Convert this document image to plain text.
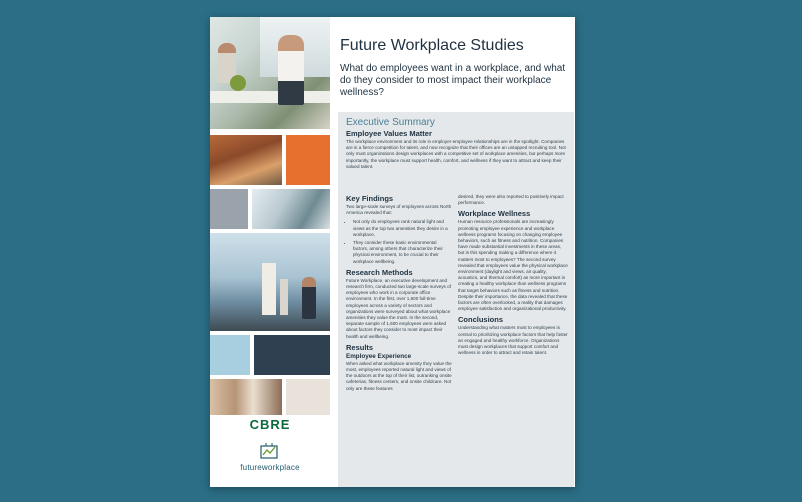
CBRE
futureworkplace
Future Workplace Studies
What do employees want in a workplace, and what do they consider to most impact their workplace wellness?
Executive Summary
Employee Values Matter

The workplace environment and its role in employer-employee relationships are in the spotlight. Companies are in a fierce competition for talent, and now recognize that their offices are an untapped recruiting tool. Not only must organizations design workplaces with a competitive set of workplace amenities, but perhaps more importantly, the workplace must support health, comfort, and wellness if they want to attract and keep their valued talent.

Key Findings

Two large-scale surveys of employees across North America revealed that:

• Not only do employees rank natural light and views as the top two amenities they desire in a workplace,
• They consider these basic environmental factors, among others that characterize their physical environment, to be crucial to their workplace wellbeing.

Research Methods

Future Workplace, an executive development and research firm, conducted two large-scale surveys of employees who work in a corporate office environment. In the first, over 1,600 full-time employees across a variety of sectors and organizations were surveyed about what workplace amenities they value the most. In the second, separate sample of 1,600 employees were asked about factors they consider to most impact their health and wellbeing.

Results

Employee Experience

When asked what workplace amenity they value the most, employees reported natural light and views of the outdoors at the top of their list, outranking onsite cafeterias, fitness centers, and onsite childcare. Not only are these features

desired, they were also reported to positively impact performance.

Workplace Wellness

Human resource professionals are increasingly promoting employee experience and workplace wellness programs focusing on changing employee behaviors, such as fitness and nutrition. Companies have made substantial investments in these areas, but is this spending making a difference where it matters most to employees? The second survey revealed that employees value the physical workplace environment (daylight and views, air quality, acoustics, and thermal comfort) as more important in creating a healthy workplace than wellness programs that target behaviors such as fitness and nutrition. Despite their importance, the data revealed that these factors are often overlooked, a reality that damages employee satisfaction and organizational productivity.

Conclusions

Understanding what matters most to employees is central to prioritizing workplace factors that help foster an engaged and healthy workforce. Organizations must design workplaces that support comfort and wellness in order to attract and retain talent.
